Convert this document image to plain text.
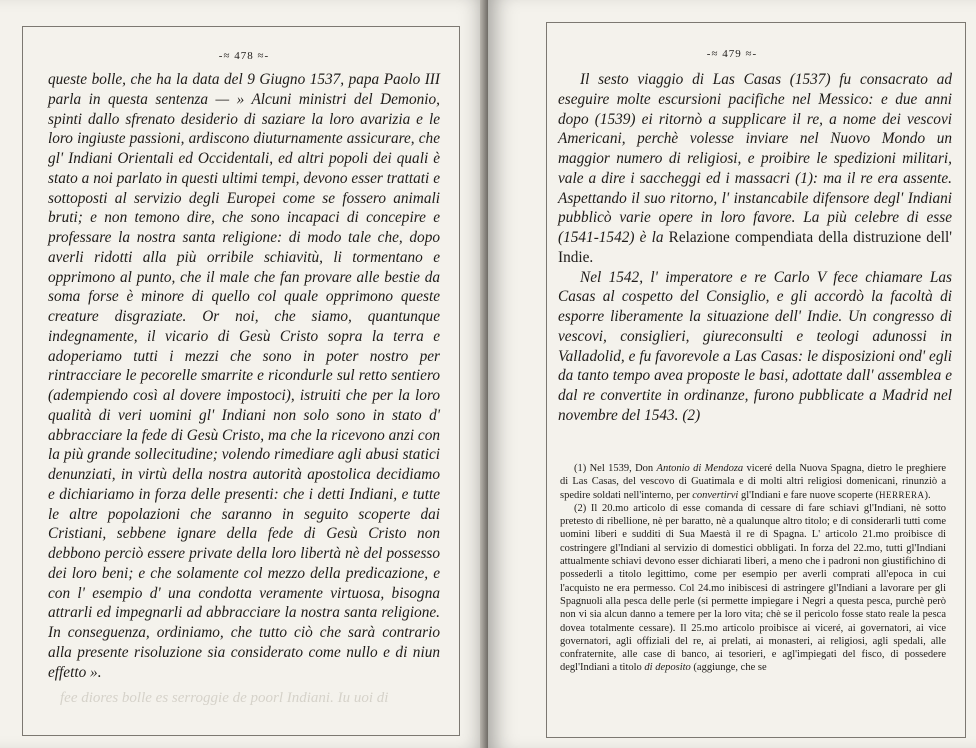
-≈ 478 ≈-

queste bolle, che ha la data del 9 Giugno 1537, papa Paolo III parla in questa sentenza — » Alcuni ministri del Demonio, spinti dallo sfrenato desiderio di saziare la loro avarizia e le loro ingiuste passioni, ardiscono diuturnamente assicurare, che gl' Indiani Orientali ed Occidentali, ed altri popoli dei quali è stato a noi parlato in questi ultimi tempi, devono esser trattati e sottoposti al servizio degli Europei come se fossero animali bruti; e non temono dire, che sono incapaci di concepire e professare la nostra santa religione: di modo tale che, dopo averli ridotti alla più orribile schiavitù, li tormentano e opprimono al punto, che il male che fan provare alle bestie da soma forse è minore di quello col quale opprimono queste creature disgraziate. Or noi, che siamo, quantunque indegnamente, il vicario di Gesù Cristo sopra la terra e adoperiamo tutti i mezzi che sono in poter nostro per rintracciare le pecorelle smarrite e ricondurle sul retto sentiero (adempiendo così al dovere impostoci), istruiti che per la loro qualità di veri uomini gl' Indiani non solo sono in stato d' abbracciare la fede di Gesù Cristo, ma che la ricevono anzi con la più grande sollecitudine; volendo rimediare agli abusi statici denunziati, in virtù della nostra autorità apostolica decidiamo e dichiariamo in forza delle presenti: che i detti Indiani, e tutte le altre popolazioni che saranno in seguito scoperte dai Cristiani, sebbene ignare della fede di Gesù Cristo non debbono perciò essere private della loro libertà nè del possesso dei loro beni; e che solamente col mezzo della predicazione, e con l' esempio d' una condotta veramente virtuosa, bisogna attrarli ed impegnarli ad abbracciare la nostra santa religione. In conseguenza, ordiniamo, che tutto ciò che sarà contrario alla presente risoluzione sia considerato come nullo e di niun effetto ».

fee diores bolle es serroggie de poorl Indiani. Iu uoi di
-≈ 479 ≈-

Il sesto viaggio di Las Casas (1537) fu consacrato ad eseguire molte escursioni pacifiche nel Messico: e due anni dopo (1539) ei ritornò a supplicare il re, a nome dei vescovi Americani, perchè volesse inviare nel Nuovo Mondo un maggior numero di religiosi, e proibire le spedizioni militari, vale a dire i saccheggi ed i massacri (1): ma il re era assente. Aspettando il suo ritorno, l' instancabile difensore degl' Indiani pubblicò varie opere in loro favore. La più celebre di esse (1541-1542) è la Relazione compendiata della distruzione dell' Indie.

Nel 1542, l' imperatore e re Carlo V fece chiamare Las Casas al cospetto del Consiglio, e gli accordò la facoltà di esporre liberamente la situazione dell' Indie. Un congresso di vescovi, consiglieri, giureconsulti e teologi adunossi in Valladolid, e fu favorevole a Las Casas: le disposizioni ond' egli da tanto tempo avea proposte le basi, adottate dall' assemblea e dal re convertite in ordinanze, furono pubblicate a Madrid nel novembre del 1543. (2)

(1) Nel 1539, Don Antonio di Mendoza viceré della Nuova Spagna, dietro le preghiere di Las Casas, del vescovo di Guatimala e di molti altri religiosi domenicani, rinunziò a spedire soldati nell'interno, per convertirvi gl'Indiani e fare nuove scoperte (HERRERA).

(2) Il 20.mo articolo di esse comanda di cessare di fare schiavi gl'Indiani, nè sotto pretesto di ribellione, nè per baratto, nè a qualunque altro titolo; e di considerarli tutti come uomini liberi e sudditi di Sua Maestà il re di Spagna. L' articolo 21.mo proibisce di costringere gl'Indiani al servizio di domestici obbligati. In forza del 22.mo, tutti gl'Indiani attualmente schiavi devono esser dichiarati liberi, a meno che i padroni non giustifichino di possederli a titolo legittimo, come per esempio per averli comprati all'epoca in cui l'acquisto ne era permesso. Col 24.mo inibiscesi di astringere gl'Indiani a lavorare per gli Spagnuoli alla pesca delle perle (si permette impiegare i Negri a questa pesca, purchè però non vi sia alcun danno a temere per la loro vita; chè se il pericolo fosse stato reale la pesca dovea totalmente cessare). Il 25.mo articolo proibisce ai viceré, ai governatori, ai vice governatori, agli offiziali del re, ai prelati, ai monasteri, ai religiosi, agli spedali, alle confraternite, alle case di banco, ai tesorieri, e agl'impiegati del fisco, di possedere degl'Indiani a titolo di deposito (aggiunge, che se
